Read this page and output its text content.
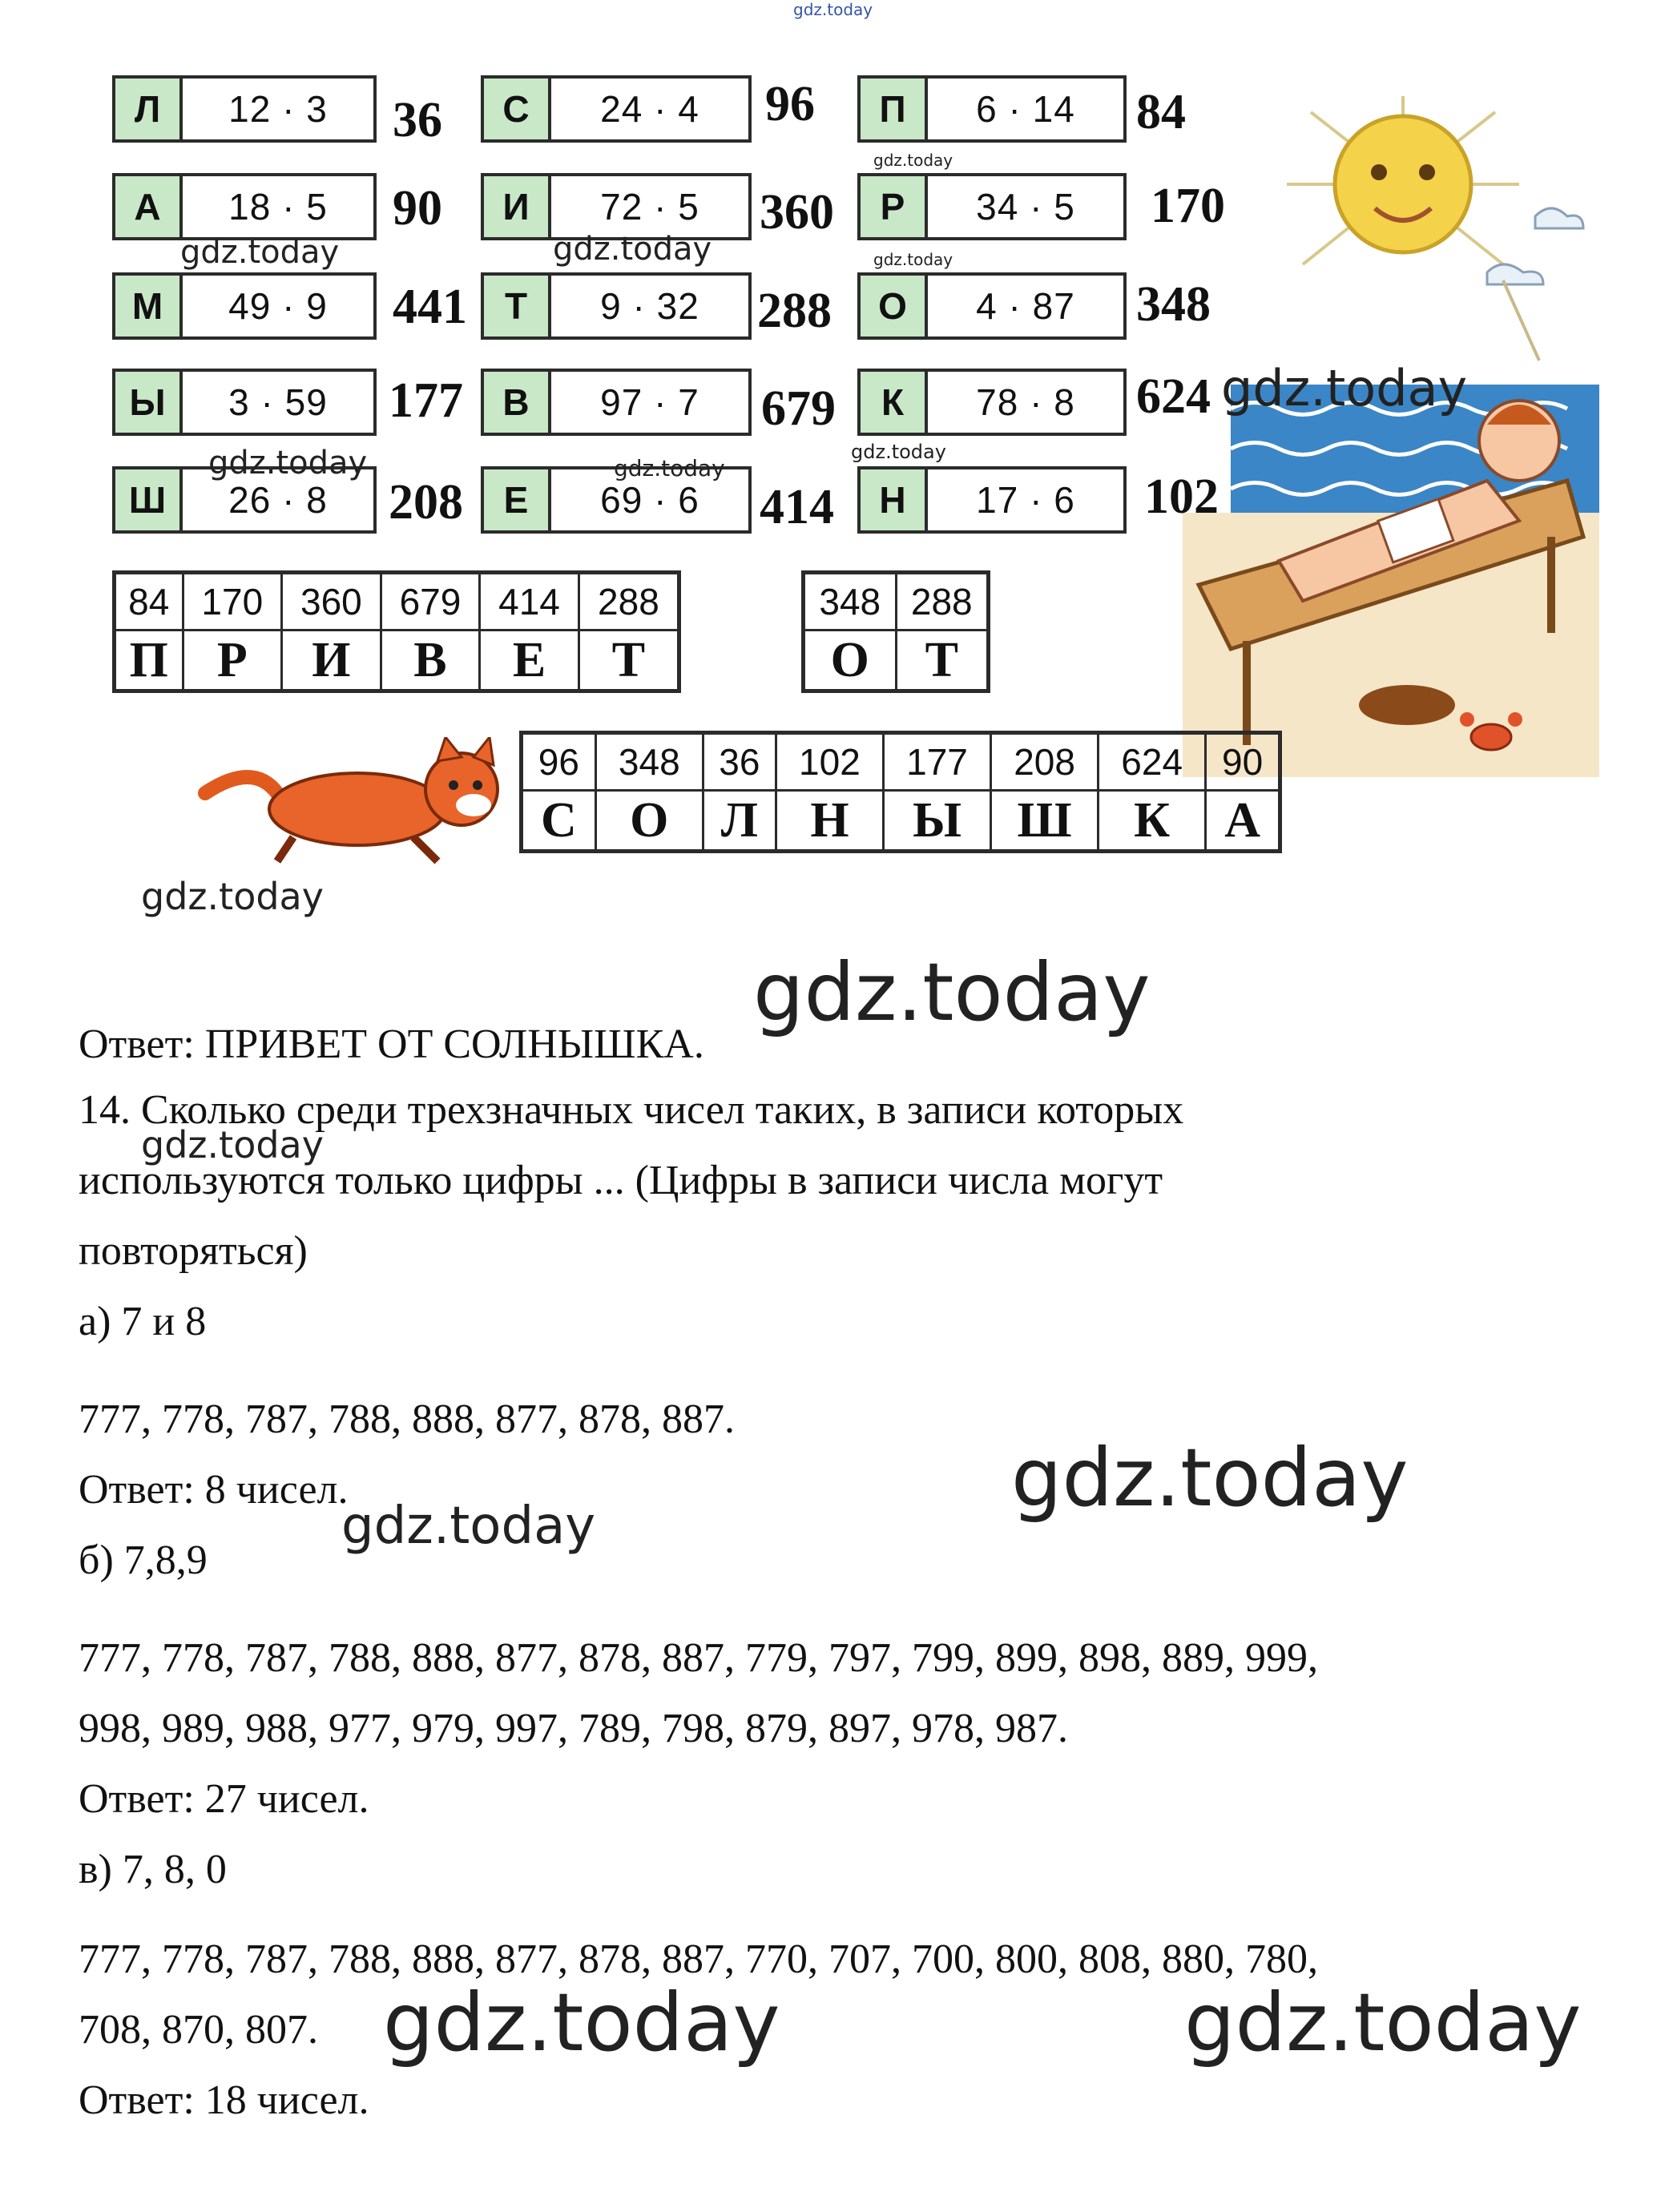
gdz.today
Л	12 · 3	36
А	18 · 5	90
М	49 · 9	441
Ы	3 · 59	177
Ш	26 · 8	208
С	24 · 4	96
И	72 · 5	360
Т	9 · 32	288
В	97 · 7	679
Е	69 · 6	414
П	6 · 14	84
Р	34 · 5	170
О	4 · 87	348
К	78 · 8	624
Н	17 · 6	102
84	170	360	679	414	288
П	Р	И	В	Е	Т
348	288
О	Т
96	348	36	102	177	208	624	90
С	О	Л	Н	Ы	Ш	К	А
gdz.today
gdz.today	gdz.today	gdz.today
gdz.today
gdz.today	gdz.today
gdz.today
gdz.today
gdz.today
Ответ: ПРИВЕТ ОТ СОЛНЫШКА.
14. Сколько среди трехзначных чисел таких, в записи которых
gdz.today
используются только цифры ... (Цифры в записи числа могут
повторяться)
а) 7 и 8
777, 778, 787, 788, 888, 877, 878, 887.
Ответ: 8 чисел.	gdz.today
gdz.today
б) 7,8,9
777, 778, 787, 788, 888, 877, 878, 887, 779, 797, 799, 899, 898, 889, 999,
998, 989, 988, 977, 979, 997, 789, 798, 879, 897, 978, 987.
Ответ: 27 чисел.
в) 7, 8, 0
777, 778, 787, 788, 888, 877, 878, 887, 770, 707, 700, 800, 808, 880, 780,
708, 870, 807. gdz.today	gdz.today
Ответ: 18 чисел.
